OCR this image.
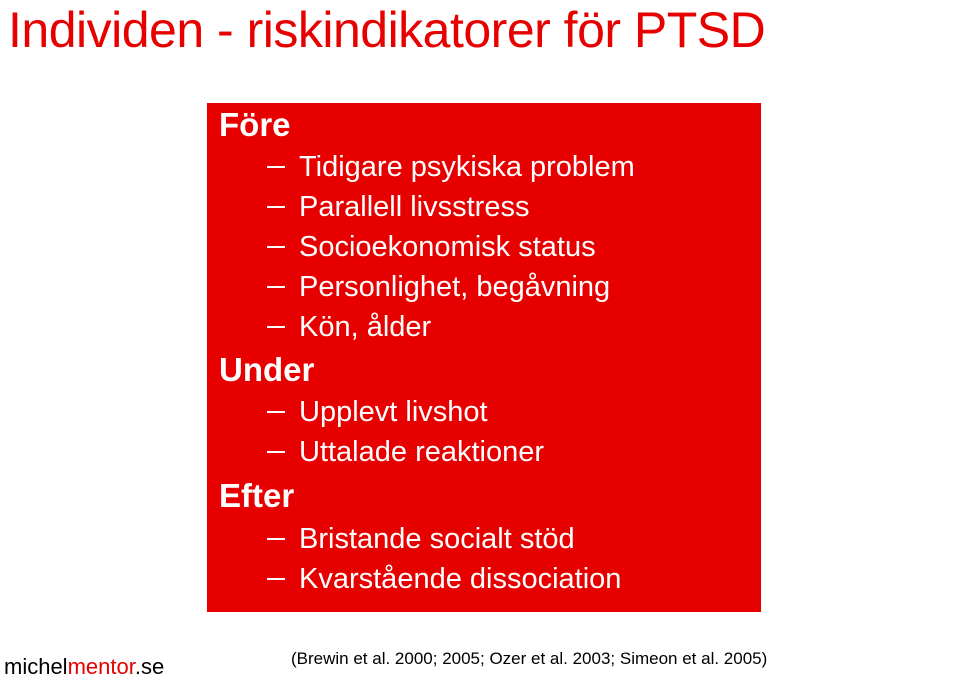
Individen - riskindikatorer för PTSD
Före
Tidigare psykiska problem
Parallell livsstress
Socioekonomisk status
Personlighet, begåvning
Kön, ålder
Under
Upplevt livshot
Uttalade reaktioner
Efter
Bristande socialt stöd
Kvarstående dissociation
michelmentor.se	(Brewin et al. 2000; 2005; Ozer et al. 2003; Simeon et al. 2005)
